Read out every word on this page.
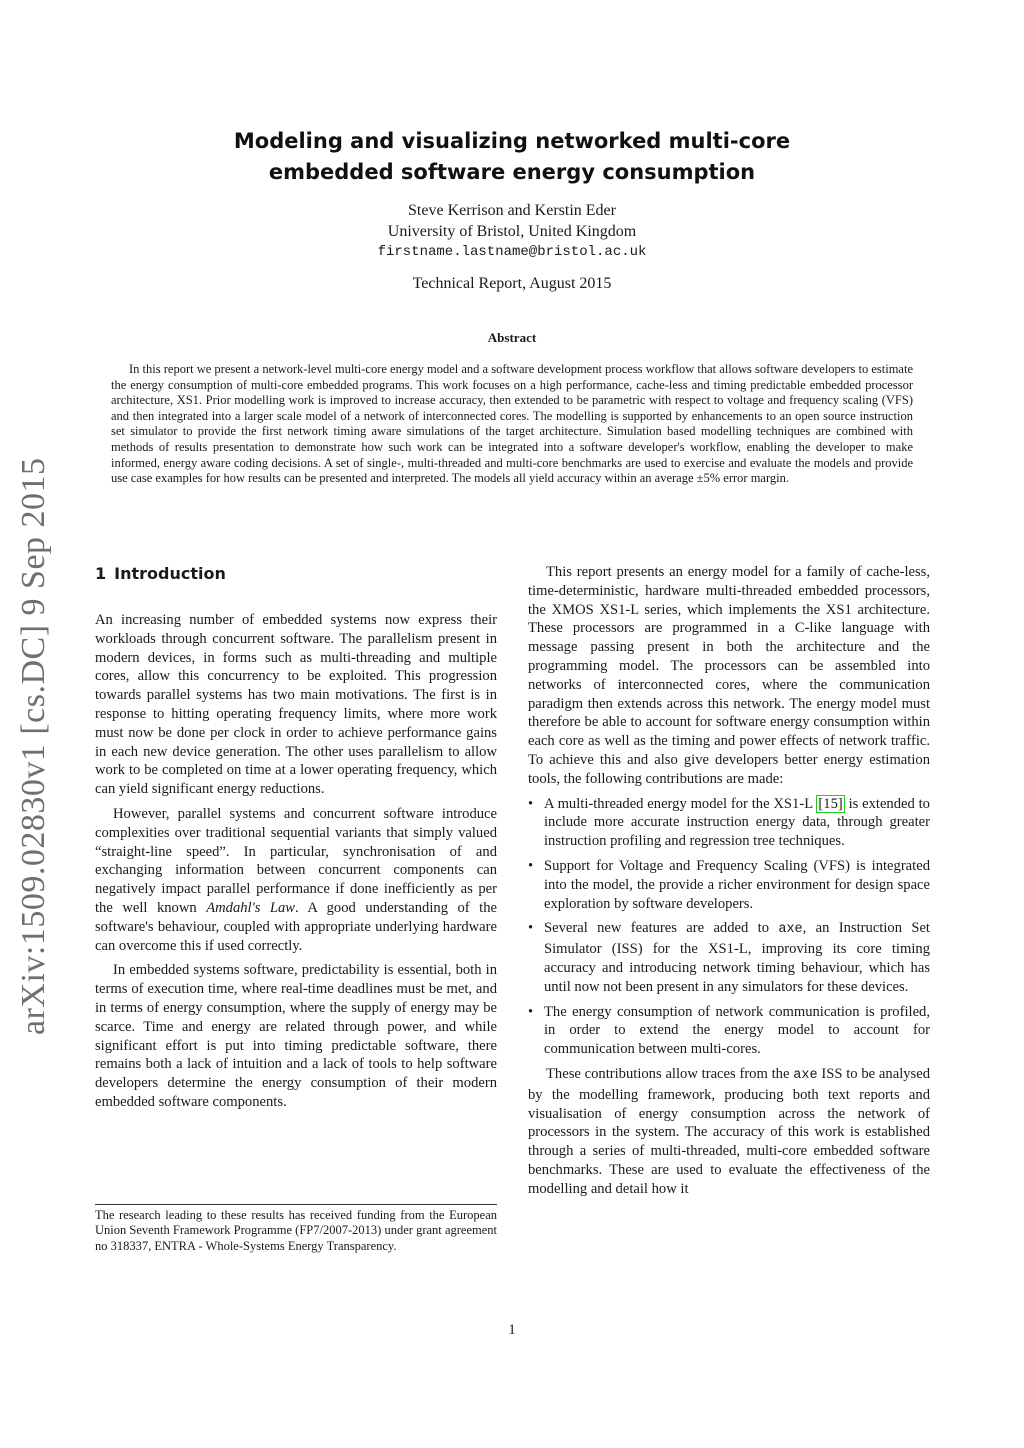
arXiv:1509.02830v1 [cs.DC] 9 Sep 2015
Modeling and visualizing networked multi-core embedded software energy consumption
Steve Kerrison and Kerstin Eder
University of Bristol, United Kingdom
firstname.lastname@bristol.ac.uk
Technical Report, August 2015
Abstract

In this report we present a network-level multi-core energy model and a software development process workflow that allows software developers to estimate the energy consumption of multi-core embedded programs. This work focuses on a high performance, cache-less and timing predictable embedded processor architecture, XS1. Prior modelling work is improved to increase accuracy, then extended to be parametric with respect to voltage and frequency scaling (VFS) and then integrated into a larger scale model of a network of interconnected cores. The modelling is supported by enhancements to an open source instruction set simulator to provide the first network timing aware simulations of the target architecture. Simulation based modelling techniques are combined with methods of results presentation to demonstrate how such work can be integrated into a software developer's workflow, enabling the developer to make informed, energy aware coding decisions. A set of single-, multi-threaded and multi-core benchmarks are used to exercise and evaluate the models and provide use case examples for how results can be presented and interpreted. The models all yield accuracy within an average ±5% error margin.

1 Introduction

An increasing number of embedded systems now express their workloads through concurrent software. The parallelism present in modern devices, in forms such as multi-threading and multiple cores, allow this concurrency to be exploited. This progression towards parallel systems has two main motivations. The first is in response to hitting operating frequency limits, where more work must now be done per clock in order to achieve performance gains in each new device generation. The other uses parallelism to allow work to be completed on time at a lower operating frequency, which can yield significant energy reductions.

However, parallel systems and concurrent software introduce complexities over traditional sequential variants that simply valued “straight-line speed”. In particular, synchronisation of and exchanging information between concurrent components can negatively impact parallel performance if done inefficiently as per the well known Amdahl's Law. A good understanding of the software's behaviour, coupled with appropriate underlying hardware can overcome this if used correctly.

In embedded systems software, predictability is essential, both in terms of execution time, where real-time deadlines must be met, and in terms of energy consumption, where the supply of energy may be scarce. Time and energy are related through power, and while significant effort is put into timing predictable software, there remains both a lack of intuition and a lack of tools to help software developers determine the energy consumption of their modern embedded software components.

The research leading to these results has received funding from the European Union Seventh Framework Programme (FP7/2007-2013) under grant agreement no 318337, ENTRA - Whole-Systems Energy Transparency.

This report presents an energy model for a family of cache-less, time-deterministic, hardware multi-threaded embedded processors, the XMOS XS1-L series, which implements the XS1 architecture. These processors are programmed in a C-like language with message passing present in both the architecture and the programming model. The processors can be assembled into networks of interconnected cores, where the communication paradigm then extends across this network. The energy model must therefore be able to account for software energy consumption within each core as well as the timing and power effects of network traffic. To achieve this and also give developers better energy estimation tools, the following contributions are made:

• A multi-threaded energy model for the XS1-L [15] is extended to include more accurate instruction energy data, through greater instruction profiling and regression tree techniques.
• Support for Voltage and Frequency Scaling (VFS) is integrated into the model, the provide a richer environment for design space exploration by software developers.
• Several new features are added to axe, an Instruction Set Simulator (ISS) for the XS1-L, improving its core timing accuracy and introducing network timing behaviour, which has until now not been present in any simulators for these devices.
• The energy consumption of network communication is profiled, in order to extend the energy model to account for communication between multi-cores.

These contributions allow traces from the axe ISS to be analysed by the modelling framework, producing both text reports and visualisation of energy consumption across the network of processors in the system. The accuracy of this work is established through a series of multi-threaded, multi-core embedded software benchmarks. These are used to evaluate the effectiveness of the modelling and detail how it

1
